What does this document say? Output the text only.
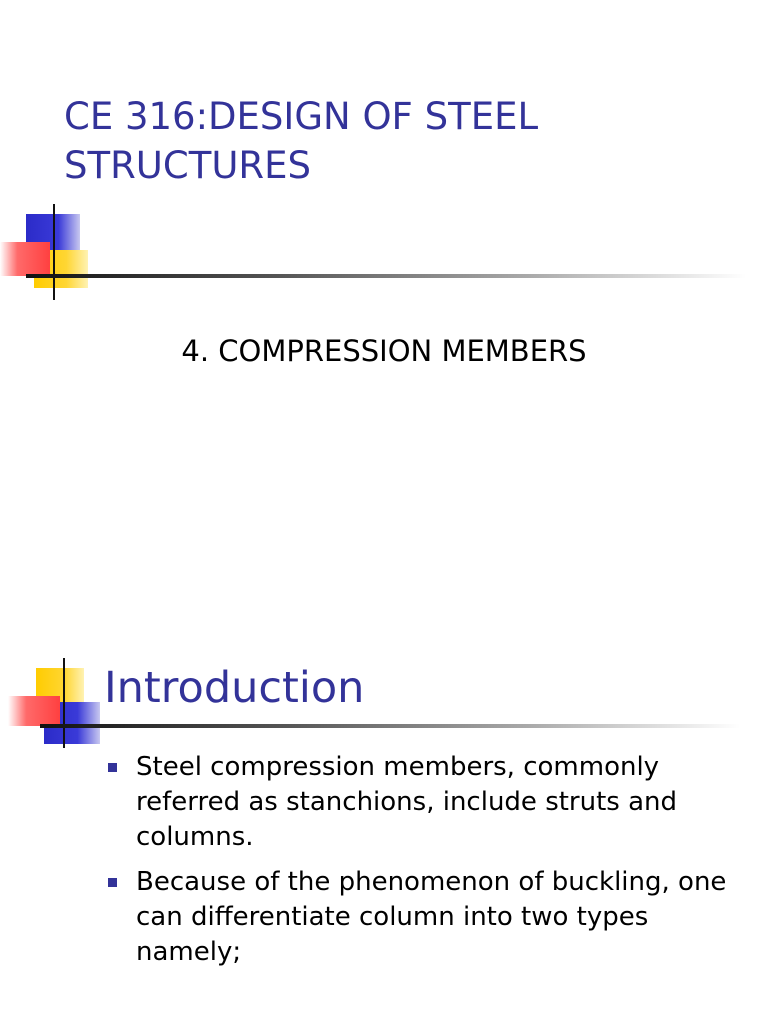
CE 316:DESIGN OF STEEL
STRUCTURES

4. COMPRESSION MEMBERS

Introduction
Steel compression members, commonly referred as stanchions, include struts and columns.
Because of the phenomenon of buckling, one can differentiate column into two types namely;
